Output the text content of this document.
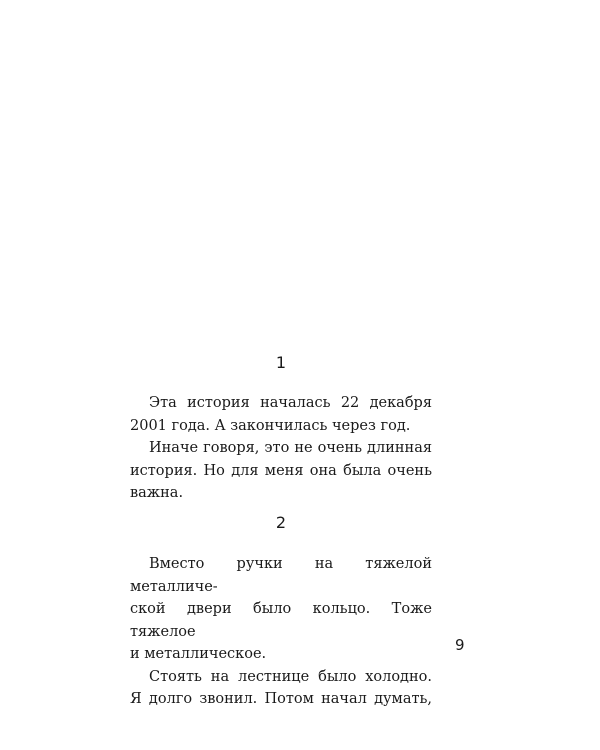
1
Эта история началась 22 декабря
2001 года. А закончилась через год.
Иначе говоря, это не очень длинная
история. Но для меня она была очень
важна.
2
Вместо ручки на тяжелой металличе-
ской двери было кольцо. Тоже тяжелое
и металлическое.
Стоять на лестнице было холодно.
Я долго звонил. Потом начал думать,
9
